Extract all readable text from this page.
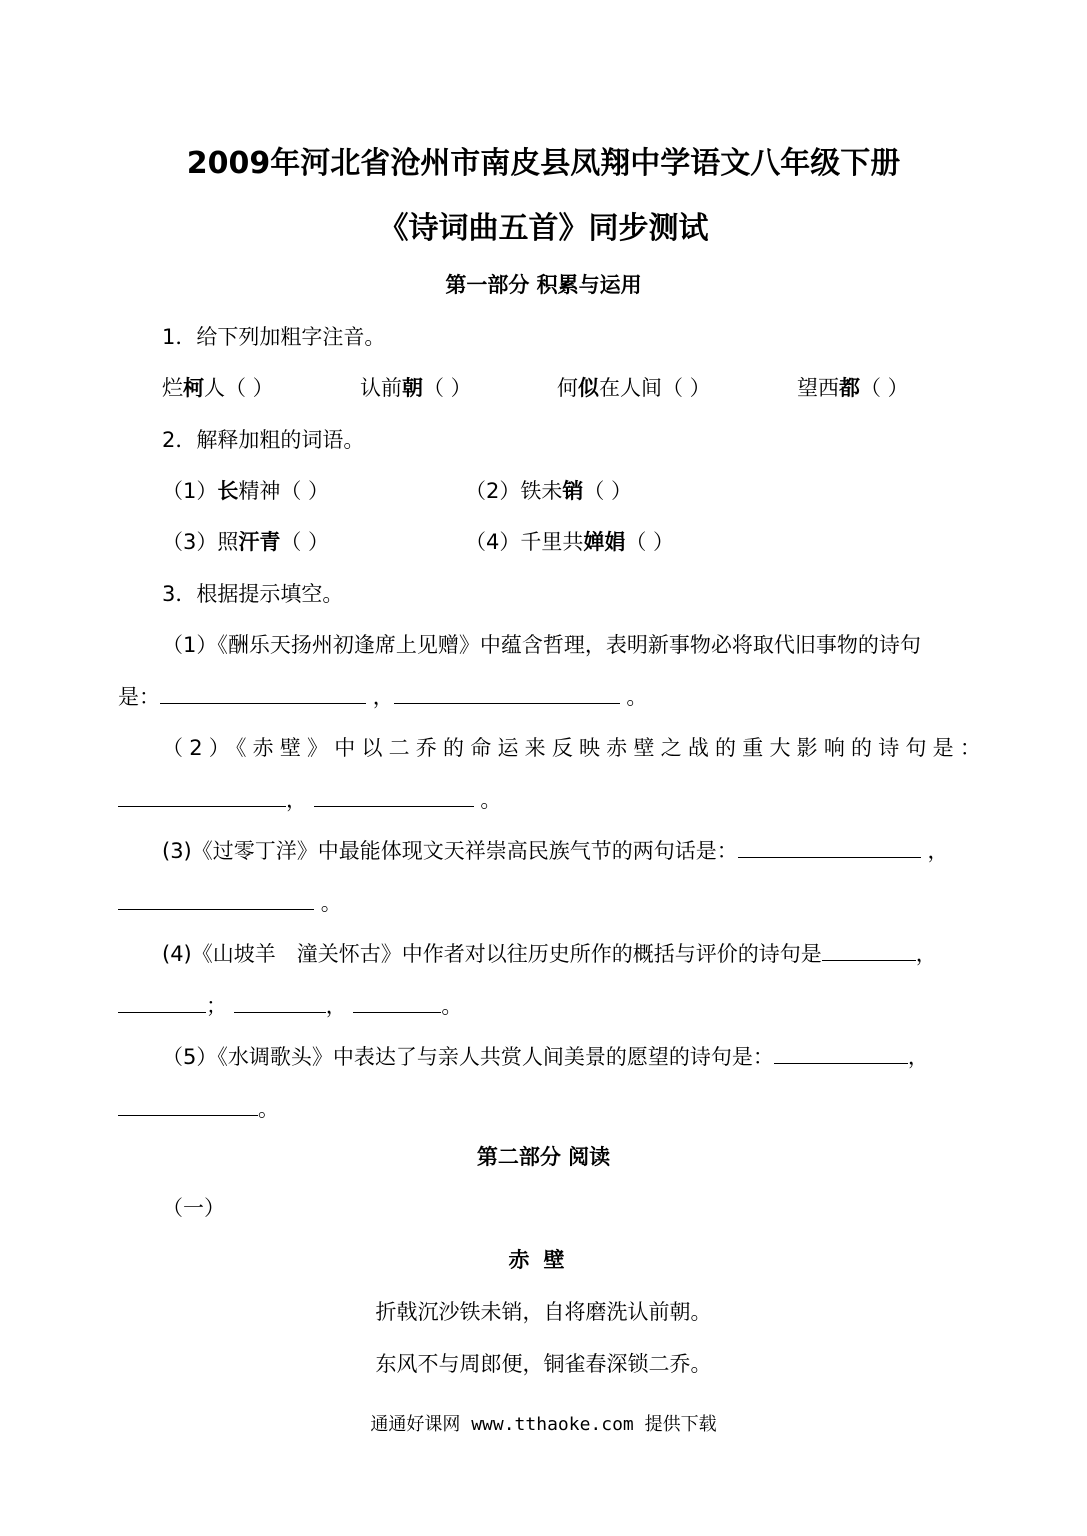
2009年河北省沧州市南皮县凤翔中学语文八年级下册
《诗词曲五首》同步测试
第一部分 积累与运用
1．给下列加粗字注音。
烂柯人（ ）	认前朝（ ）	何似在人间（ ）	望西都（ ）
2．解释加粗的词语。
（1）长精神（ ）	（2）铁未销（ ）
（3）照汗青（ ）	（4）千里共婵娟（ ）
3．根据提示填空。
（1）《酬乐天扬州初逢席上见赠》中蕴含哲理，表明新事物必将取代旧事物的诗句
是：	，	。
（2）《赤壁》中以二乔的命运来反映赤壁之战的重大影响的诗句是：
，	。
(3)《过零丁洋》中最能体现文天祥崇高民族气节的两句话是：	，
。
(4)《山坡羊　潼关怀古》中作者对以往历史所作的概括与评价的诗句是	，
；	，	。
（5）《水调歌头》中表达了与亲人共赏人间美景的愿望的诗句是：	，
。
第二部分 阅读
（一）
赤壁
折戟沉沙铁未销，自将磨洗认前朝。
东风不与周郎便，铜雀春深锁二乔。
通通好课网 www.tthaoke.com 提供下载
